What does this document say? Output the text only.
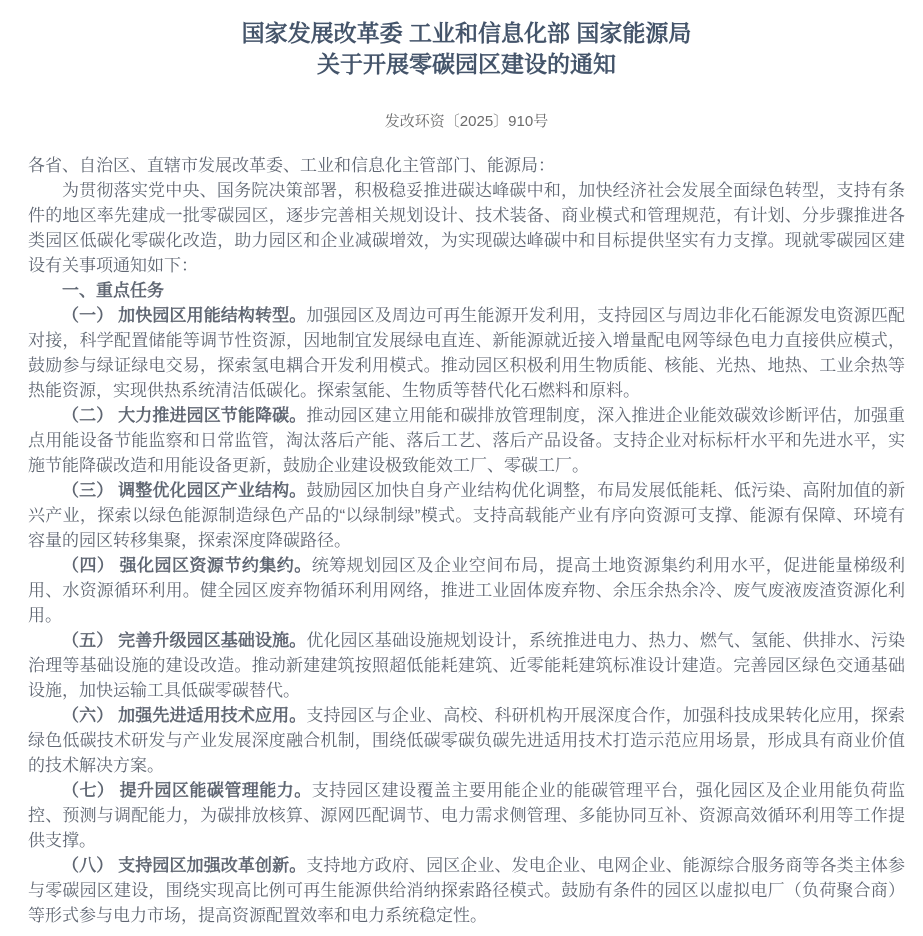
国家发展改革委 工业和信息化部 国家能源局
关于开展零碳园区建设的通知
发改环资〔2025〕910号

各省、自治区、直辖市发展改革委、工业和信息化主管部门、能源局：

为贯彻落实党中央、国务院决策部署，积极稳妥推进碳达峰碳中和，加快经济社会发展全面绿色转型，支持有条件的地区率先建成一批零碳园区，逐步完善相关规划设计、技术装备、商业模式和管理规范，有计划、分步骤推进各类园区低碳化零碳化改造，助力园区和企业减碳增效，为实现碳达峰碳中和目标提供坚实有力支撑。现就零碳园区建设有关事项通知如下：

一、重点任务

（一） 加快园区用能结构转型。加强园区及周边可再生能源开发利用，支持园区与周边非化石能源发电资源匹配对接，科学配置储能等调节性资源，因地制宜发展绿电直连、新能源就近接入增量配电网等绿色电力直接供应模式，鼓励参与绿证绿电交易，探索氢电耦合开发利用模式。推动园区积极利用生物质能、核能、光热、地热、工业余热等热能资源，实现供热系统清洁低碳化。探索氢能、生物质等替代化石燃料和原料。

（二） 大力推进园区节能降碳。推动园区建立用能和碳排放管理制度，深入推进企业能效碳效诊断评估，加强重点用能设备节能监察和日常监管，淘汰落后产能、落后工艺、落后产品设备。支持企业对标标杆水平和先进水平，实施节能降碳改造和用能设备更新，鼓励企业建设极致能效工厂、零碳工厂。

（三） 调整优化园区产业结构。鼓励园区加快自身产业结构优化调整，布局发展低能耗、低污染、高附加值的新兴产业，探索以绿色能源制造绿色产品的“以绿制绿”模式。支持高载能产业有序向资源可支撑、能源有保障、环境有容量的园区转移集聚，探索深度降碳路径。

（四） 强化园区资源节约集约。统筹规划园区及企业空间布局，提高土地资源集约利用水平，促进能量梯级利用、水资源循环利用。健全园区废弃物循环利用网络，推进工业固体废弃物、余压余热余冷、废气废液废渣资源化利用。

（五） 完善升级园区基础设施。优化园区基础设施规划设计，系统推进电力、热力、燃气、氢能、供排水、污染治理等基础设施的建设改造。推动新建建筑按照超低能耗建筑、近零能耗建筑标准设计建造。完善园区绿色交通基础设施，加快运输工具低碳零碳替代。

（六） 加强先进适用技术应用。支持园区与企业、高校、科研机构开展深度合作，加强科技成果转化应用，探索绿色低碳技术研发与产业发展深度融合机制，围绕低碳零碳负碳先进适用技术打造示范应用场景，形成具有商业价值的技术解决方案。

（七） 提升园区能碳管理能力。支持园区建设覆盖主要用能企业的能碳管理平台，强化园区及企业用能负荷监控、预测与调配能力，为碳排放核算、源网匹配调节、电力需求侧管理、多能协同互补、资源高效循环利用等工作提供支撑。

（八） 支持园区加强改革创新。支持地方政府、园区企业、发电企业、电网企业、能源综合服务商等各类主体参与零碳园区建设，围绕实现高比例可再生能源供给消纳探索路径模式。鼓励有条件的园区以虚拟电厂（负荷聚合商）等形式参与电力市场，提高资源配置效率和电力系统稳定性。
